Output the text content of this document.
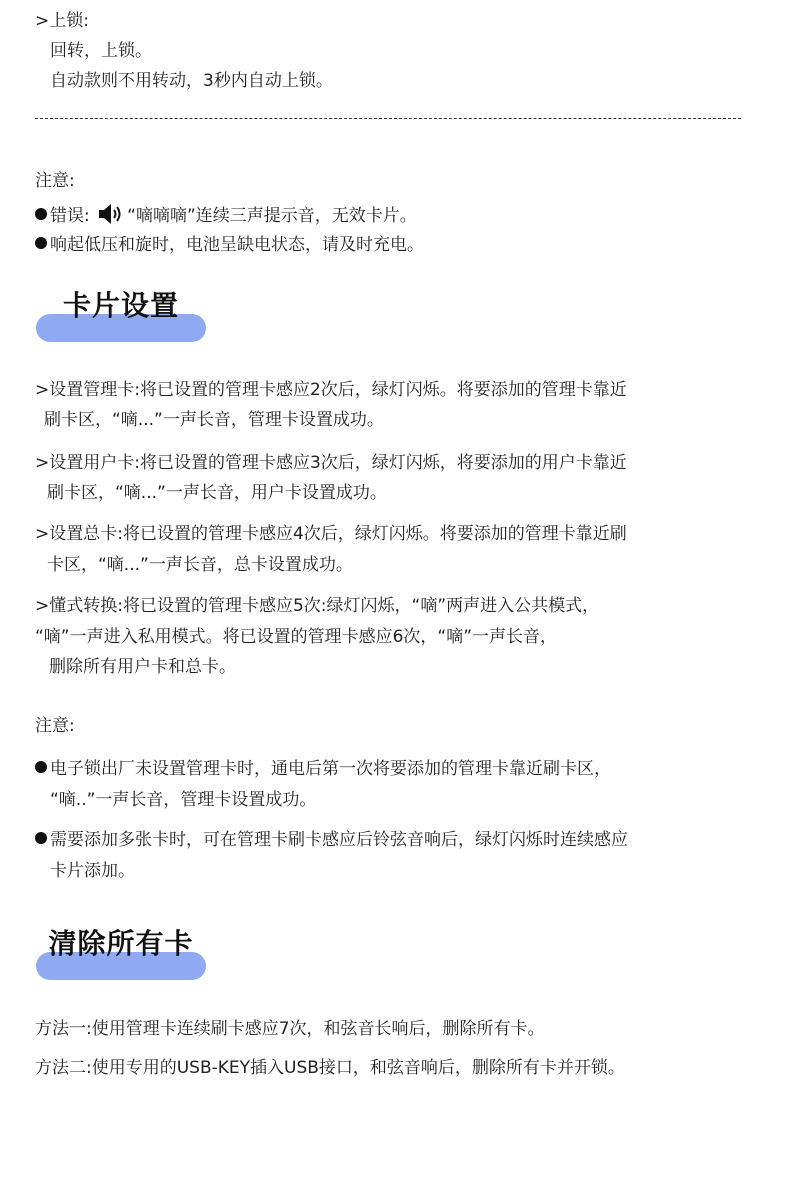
>上锁:
回转，上锁。
自动款则不用转动，3秒内自动上锁。
注意:
错误: “嘀嘀嘀”连续三声提示音，无效卡片。
响起低压和旋时，电池呈缺电状态，请及时充电。
卡片设置
>设置管理卡:将已设置的管理卡感应2次后，绿灯闪烁。将要添加的管理卡靠近
刷卡区，“嘀...”一声长音，管理卡设置成功。
>设置用户卡:将已设置的管理卡感应3次后，绿灯闪烁，将要添加的用户卡靠近
刷卡区，“嘀...”一声长音，用户卡设置成功。
>设置总卡:将已设置的管理卡感应4次后，绿灯闪烁。将要添加的管理卡靠近刷
卡区，“嘀...”一声长音，总卡设置成功。
>懂式转换:将已设置的管理卡感应5次:绿灯闪烁，“嘀”两声进入公共模式，
“嘀”一声进入私用模式。将已设置的管理卡感应6次，“嘀”一声长音，
删除所有用户卡和总卡。
注意:
电子锁出厂未设置管理卡时，通电后第一次将要添加的管理卡靠近刷卡区，
“嘀..”一声长音，管理卡设置成功。
需要添加多张卡时，可在管理卡刷卡感应后铃弦音响后，绿灯闪烁时连续感应
卡片添加。
清除所有卡
方法一:使用管理卡连续刷卡感应7次，和弦音长响后，删除所有卡。
方法二:使用专用的USB-KEY插入USB接口，和弦音响后，删除所有卡并开锁。
